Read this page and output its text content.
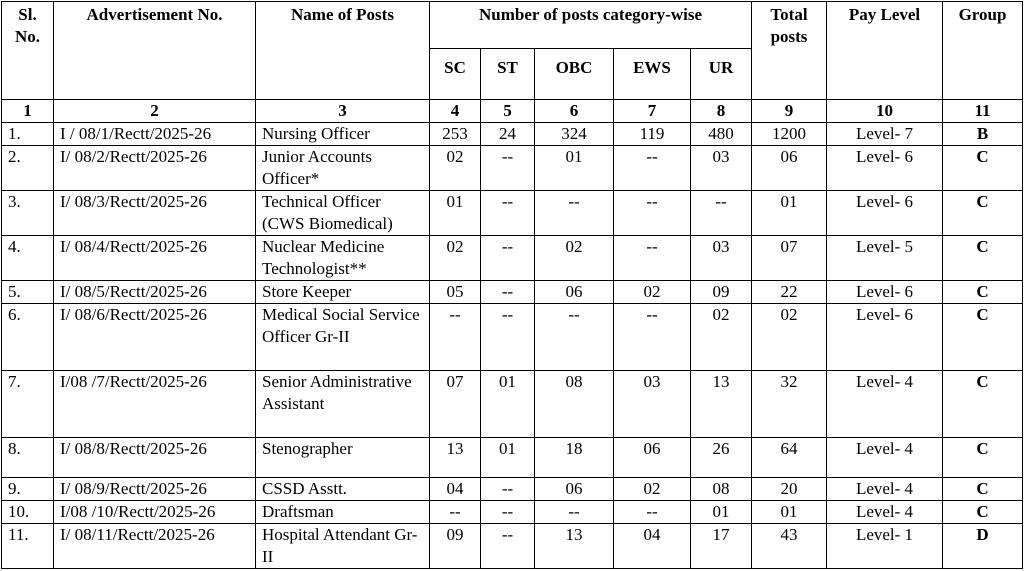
Sl. No.	Advertisement No.	Name of Posts	Number of posts category-wise					Total posts	Pay Level	Group
			SC	ST	OBC	EWS	UR			
1	2	3	4	5	6	7	8	9	10	11
1.	I / 08/1/Rectt/2025-26	Nursing Officer	253	24	324	119	480	1200	Level- 7	B
2.	I/ 08/2/Rectt/2025-26	Junior Accounts Officer*	02	--	01	--	03	06	Level- 6	C
3.	I/ 08/3/Rectt/2025-26	Technical Officer (CWS Biomedical)	01	--	--	--	--	01	Level- 6	C
4.	I/ 08/4/Rectt/2025-26	Nuclear Medicine Technologist**	02	--	02	--	03	07	Level- 5	C
5.	I/ 08/5/Rectt/2025-26	Store Keeper	05	--	06	02	09	22	Level- 6	C
6.	I/ 08/6/Rectt/2025-26	Medical Social Service Officer Gr-II	--	--	--	--	02	02	Level- 6	C
7.	I/08 /7/Rectt/2025-26	Senior Administrative Assistant	07	01	08	03	13	32	Level- 4	C
8.	I/ 08/8/Rectt/2025-26	Stenographer	13	01	18	06	26	64	Level- 4	C
9.	I/ 08/9/Rectt/2025-26	CSSD Asstt.	04	--	06	02	08	20	Level- 4	C
10.	I/08 /10/Rectt/2025-26	Draftsman	--	--	--	--	01	01	Level- 4	C
11.	I/ 08/11/Rectt/2025-26	Hospital Attendant Gr-II	09	--	13	04	17	43	Level- 1	D
